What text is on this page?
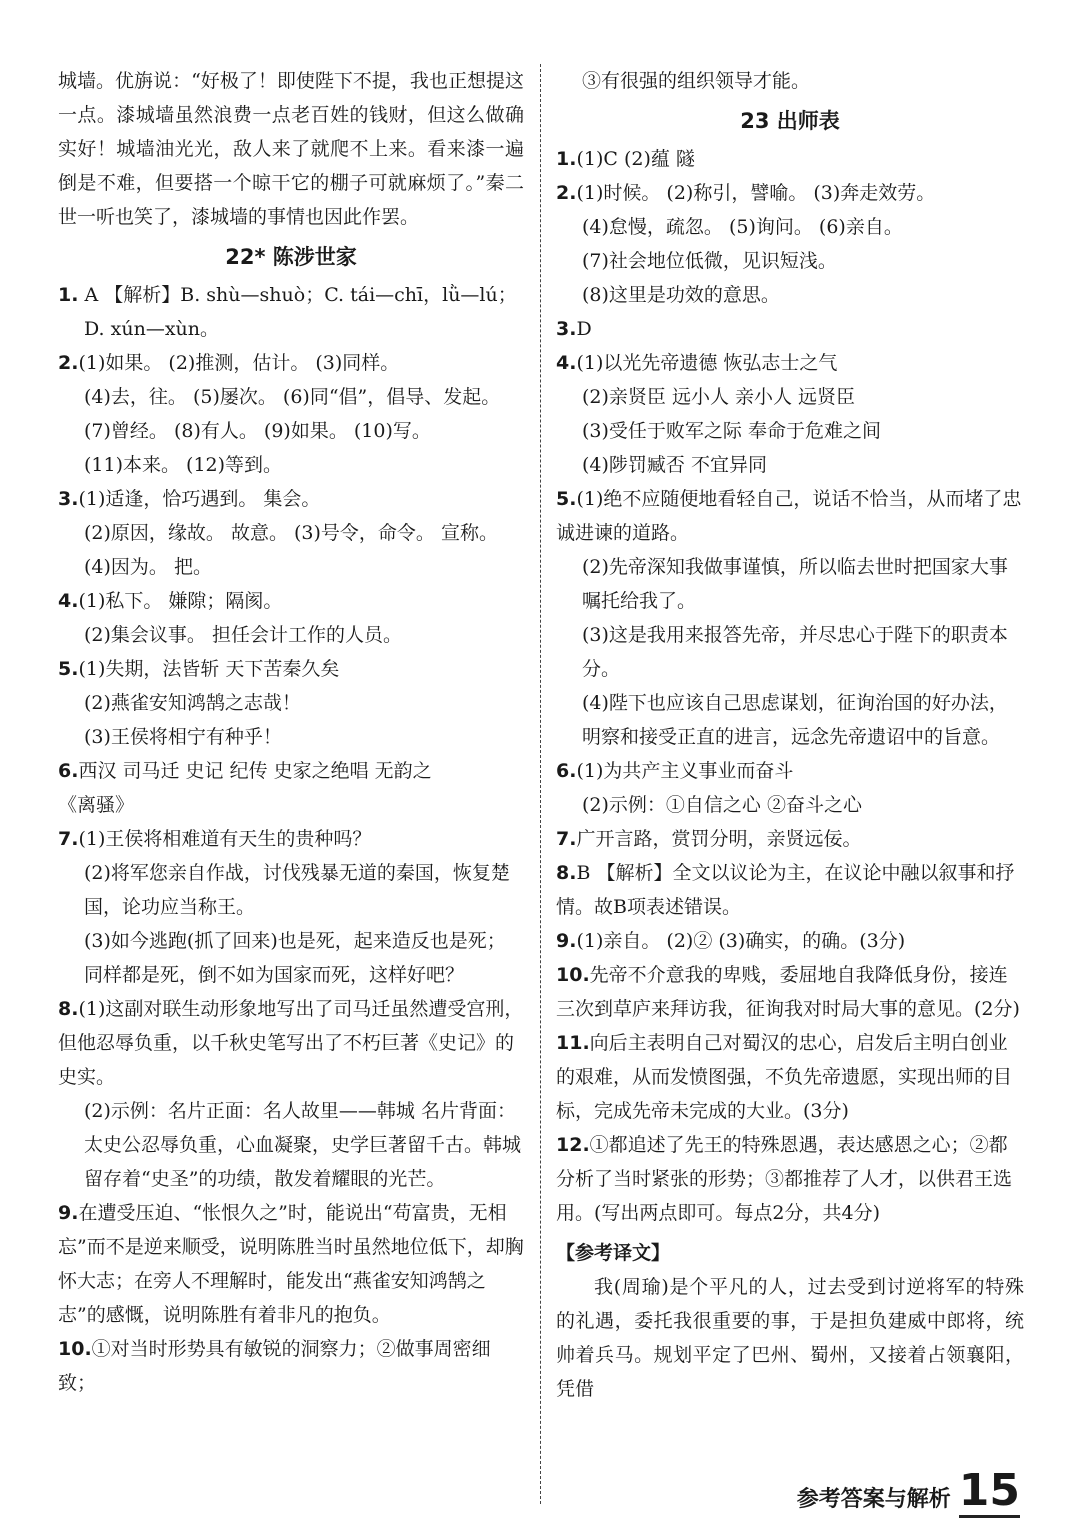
城墙。优旃说：“好极了！即使陛下不提，我也正想提这一点。漆城墙虽然浪费一点老百姓的钱财，但这么做确实好！城墙油光光，敌人来了就爬不上来。看来漆一遍倒是不难，但要搭一个晾干它的棚子可就麻烦了。”秦二世一听也笑了，漆城墙的事情也因此作罢。

22* 陈涉世家
1. A 【解析】B. shù—shuò；C. tái—chī，lǜ—lú；
D. xún—xùn。
2.(1)如果。 (2)推测，估计。 (3)同样。
(4)去，往。 (5)屡次。 (6)同“倡”，倡导、发起。
(7)曾经。 (8)有人。 (9)如果。 (10)写。
(11)本来。 (12)等到。
3.(1)适逢，恰巧遇到。 集会。
(2)原因，缘故。 故意。 (3)号令，命令。 宣称。
(4)因为。 把。
4.(1)私下。 嫌隙；隔阂。
(2)集会议事。 担任会计工作的人员。
5.(1)失期，法皆斩 天下苦秦久矣
(2)燕雀安知鸿鹄之志哉！
(3)王侯将相宁有种乎！
6.西汉 司马迁 史记 纪传 史家之绝唱 无韵之
《离骚》
7.(1)王侯将相难道有天生的贵种吗？
(2)将军您亲自作战，讨伐残暴无道的秦国，恢复楚国，论功应当称王。
(3)如今逃跑(抓了回来)也是死，起来造反也是死；同样都是死，倒不如为国家而死，这样好吧？
8.(1)这副对联生动形象地写出了司马迁虽然遭受宫刑，但他忍辱负重，以千秋史笔写出了不朽巨著《史记》的史实。
(2)示例：名片正面：名人故里——韩城 名片背面：太史公忍辱负重，心血凝聚，史学巨著留千古。韩城留存着“史圣”的功绩，散发着耀眼的光芒。
9.在遭受压迫、“怅恨久之”时，能说出“苟富贵，无相忘”而不是逆来顺受，说明陈胜当时虽然地位低下，却胸怀大志；在旁人不理解时，能发出“燕雀安知鸿鹄之志”的感慨，说明陈胜有着非凡的抱负。
10.①对当时形势具有敏锐的洞察力；②做事周密细致；
③有很强的组织领导才能。
23 出师表
1.(1)C (2)蕴 隧
2.(1)时候。 (2)称引，譬喻。 (3)奔走效劳。
(4)怠慢，疏忽。 (5)询问。 (6)亲自。
(7)社会地位低微，见识短浅。
(8)这里是功效的意思。
3.D
4.(1)以光先帝遗德 恢弘志士之气
(2)亲贤臣 远小人 亲小人 远贤臣
(3)受任于败军之际 奉命于危难之间
(4)陟罚臧否 不宜异同
5.(1)绝不应随便地看轻自己，说话不恰当，从而堵了忠诚进谏的道路。
(2)先帝深知我做事谨慎，所以临去世时把国家大事嘱托给我了。
(3)这是我用来报答先帝，并尽忠心于陛下的职责本分。
(4)陛下也应该自己思虑谋划，征询治国的好办法，明察和接受正直的进言，远念先帝遗诏中的旨意。
6.(1)为共产主义事业而奋斗
(2)示例：①自信之心 ②奋斗之心
7.广开言路，赏罚分明，亲贤远佞。
8.B 【解析】全文以议论为主，在议论中融以叙事和抒情。故B项表述错误。
9.(1)亲自。 (2)② (3)确实，的确。(3分)
10.先帝不介意我的卑贱，委屈地自我降低身份，接连三次到草庐来拜访我，征询我对时局大事的意见。(2分)
11.向后主表明自己对蜀汉的忠心，启发后主明白创业的艰难，从而发愤图强，不负先帝遗愿，实现出师的目标，完成先帝未完成的大业。(3分)
12.①都追述了先王的特殊恩遇，表达感恩之心；②都分析了当时紧张的形势；③都推荐了人才，以供君王选用。(写出两点即可。每点2分，共4分)
【参考译文】

我(周瑜)是个平凡的人，过去受到讨逆将军的特殊的礼遇，委托我很重要的事，于是担负建威中郎将，统帅着兵马。规划平定了巴州、蜀州，又接着占领襄阳，凭借

参考答案与解析 15
